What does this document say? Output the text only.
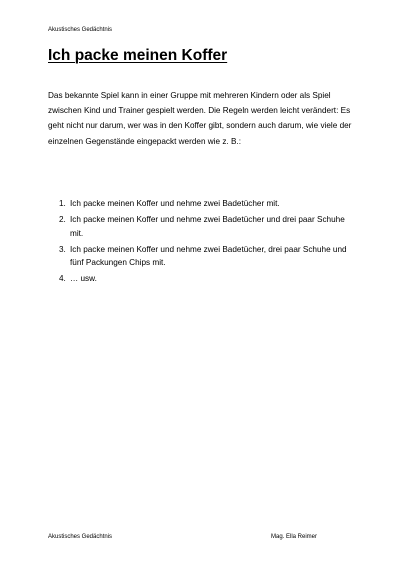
Akustisches Gedächtnis
Ich packe meinen Koffer

Das bekannte Spiel kann in einer Gruppe mit mehreren Kindern oder als Spiel zwischen Kind und Trainer gespielt werden. Die Regeln werden leicht verändert: Es geht nicht nur darum, wer was in den Koffer gibt, sondern auch darum, wie viele der einzelnen Gegenstände eingepackt werden wie z. B.:

1. Ich packe meinen Koffer und nehme zwei Badetücher mit.
2. Ich packe meinen Koffer und nehme zwei Badetücher und drei paar Schuhe mit.
3. Ich packe meinen Koffer und nehme zwei Badetücher, drei paar Schuhe und fünf Packungen Chips mit.
4. … usw.
Akustisches Gedächtnis	Mag. Ella Reimer
